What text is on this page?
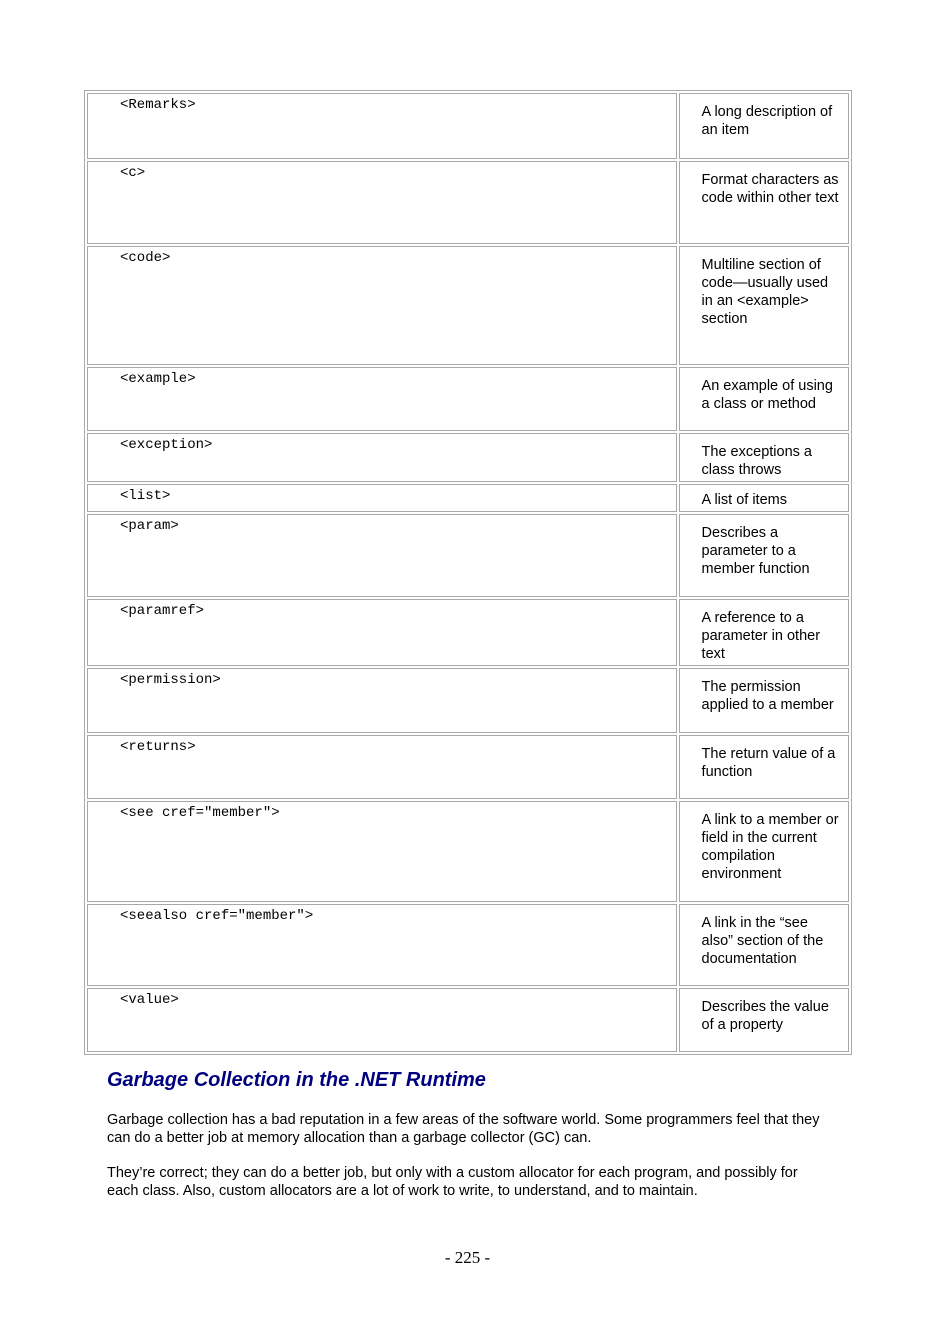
<Remarks>	A long description of an item

<c>	Format characters as code within other text

<code>	Multiline section of code—usually used in an <example> section

<example>	An example of using a class or method

<exception>	The exceptions a class throws

<list>	A list of items

<param>	Describes a parameter to a member function

<paramref>	A reference to a parameter in other text

<permission>	The permission applied to a member

<returns>	The return value of a function

<see cref="member">	A link to a member or field in the current compilation environment

<seealso cref="member">	A link in the “see also” section of the documentation

<value>	Describes the value of a property
Garbage Collection in the .NET Runtime

Garbage collection has a bad reputation in a few areas of the software world. Some programmers feel that they can do a better job at memory allocation than a garbage collector (GC) can.

They’re correct; they can do a better job, but only with a custom allocator for each program, and possibly for each class. Also, custom allocators are a lot of work to write, to understand, and to maintain.

- 225 -
